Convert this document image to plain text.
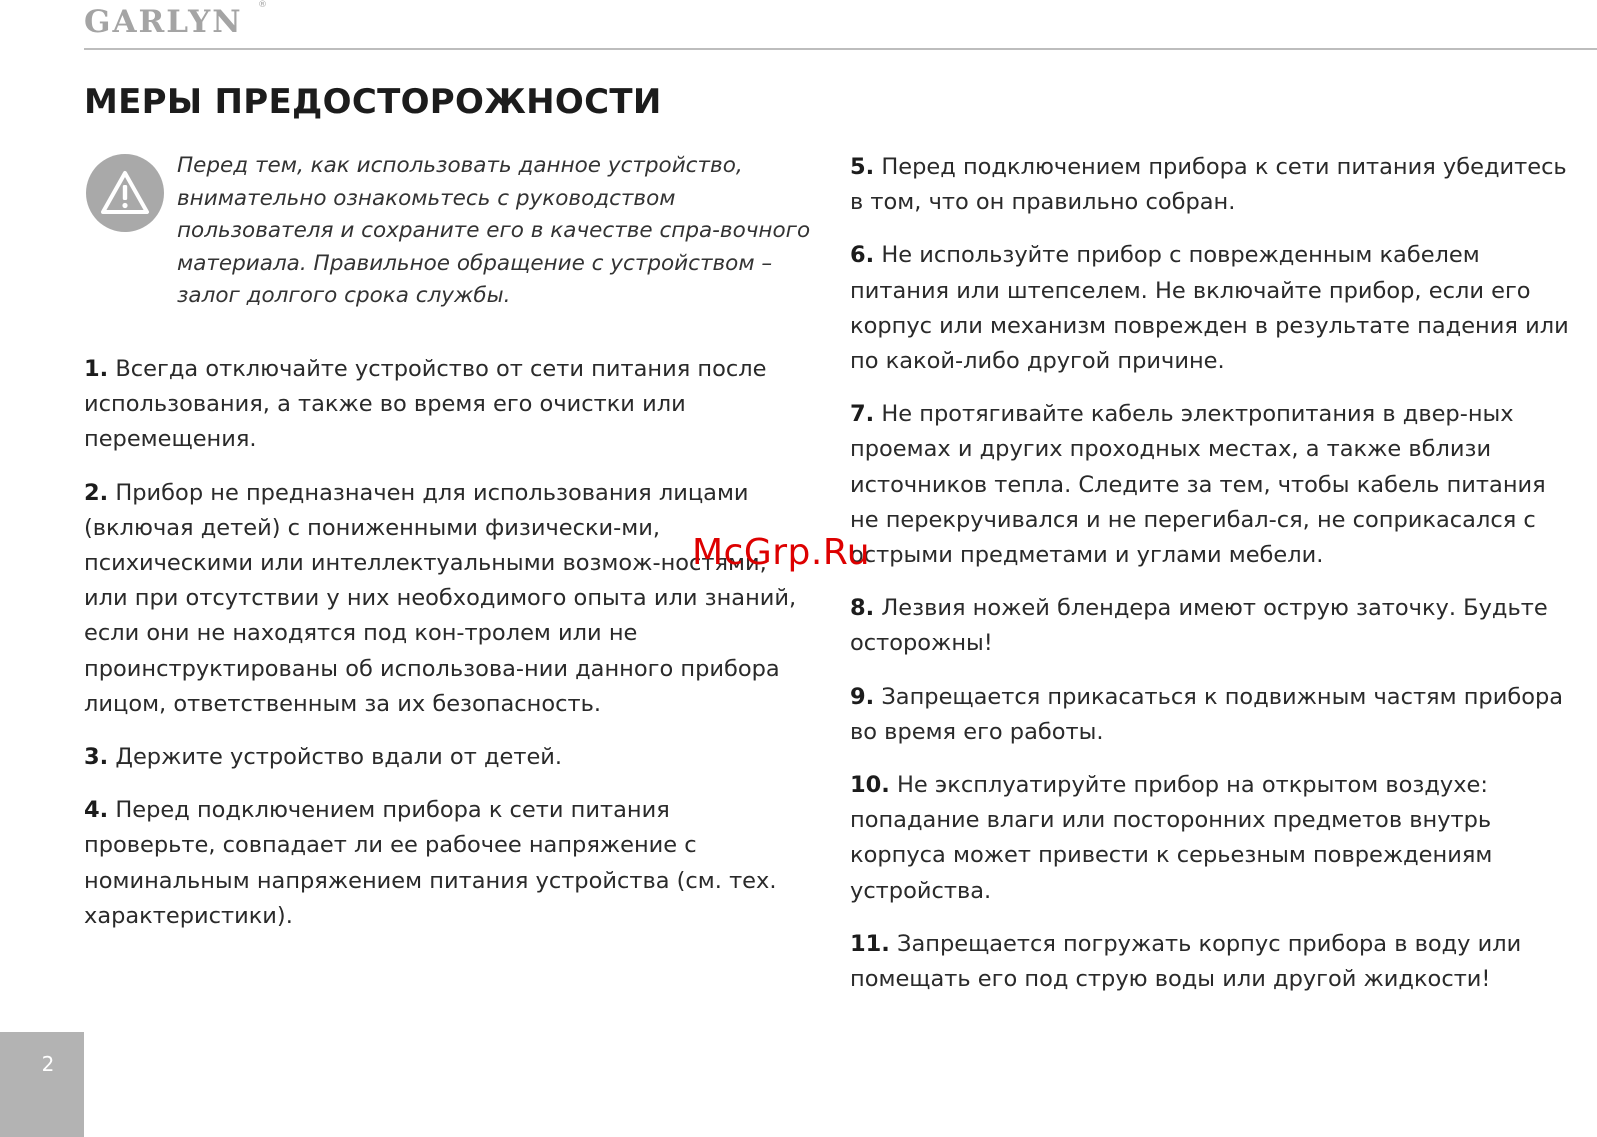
GARLYN ®
МЕРЫ ПРЕДОСТОРОЖНОСТИ

Перед тем, как использовать данное устройство, внимательно ознакомьтесь с руководством пользователя и сохраните его в качестве спра-вочного материала. Правильное обращение с устройством – залог долгого срока службы.

1. Всегда отключайте устройство от сети питания после использования, а также во время его очистки или перемещения.

2. Прибор не предназначен для использования лицами (включая детей) с пониженными физически-ми, психическими или интеллектуальными возмож-ностями, или при отсутствии у них необходимого опыта или знаний, если они не находятся под кон-тролем или не проинструктированы об использова-нии данного прибора лицом, ответственным за их безопасность.

3. Держите устройство вдали от детей.

4. Перед подключением прибора к сети питания проверьте, совпадает ли ее рабочее напряжение с номинальным напряжением питания устройства (см. тех. характеристики).

5. Перед подключением прибора к сети питания убедитесь в том, что он правильно собран.

6. Не используйте прибор с поврежденным кабелем питания или штепселем. Не включайте прибор, если его корпус или механизм поврежден в результате падения или по какой-либо другой причине.

7. Не протягивайте кабель электропитания в двер-ных проемах и других проходных местах, а также вблизи источников тепла. Следите за тем, чтобы кабель питания не перекручивался и не перегибал-ся, не соприкасался с острыми предметами и углами мебели.

8. Лезвия ножей блендера имеют острую заточку. Будьте осторожны!

9. Запрещается прикасаться к подвижным частям прибора во время его работы.

10. Не эксплуатируйте прибор на открытом воздухе: попадание влаги или посторонних предметов внутрь корпуса может привести к серьезным повреждениям устройства.

11. Запрещается погружать корпус прибора в воду или помещать его под струю воды или другой жидкости!

McGrp.Ru
2
